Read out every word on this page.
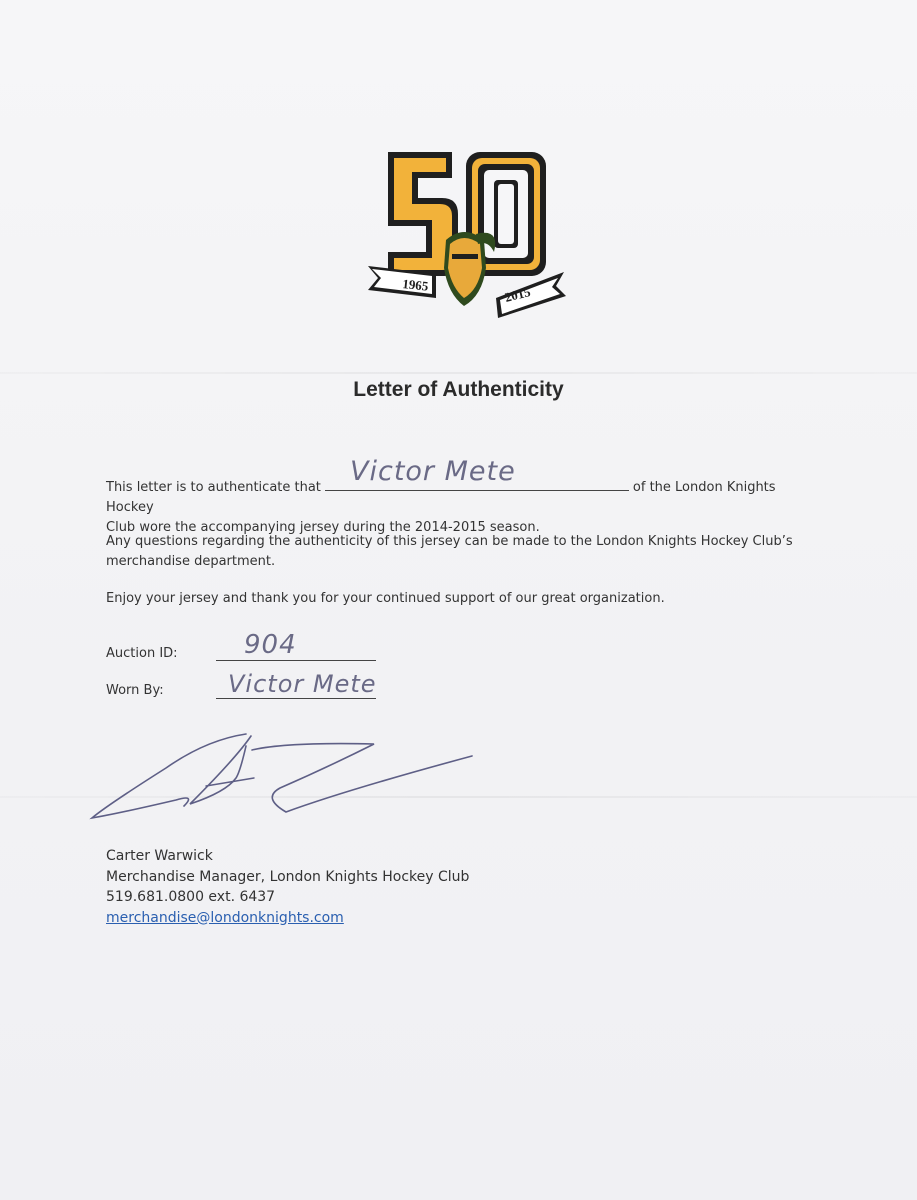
1965	2015
Letter of Authenticity
This letter is to authenticate that	of the London Knights Hockey
Club wore the accompanying jersey during the 2014-2015 season.
Victor Mete
Any questions regarding the authenticity of this jersey can be made to the London Knights Hockey Club’s merchandise department.
Enjoy your jersey and thank you for your continued support of our great organization.
Auction ID:	904
Worn By:	Victor Mete
Carter Warwick
Merchandise Manager, London Knights Hockey Club
519.681.0800 ext. 6437
merchandise@londonknights.com
